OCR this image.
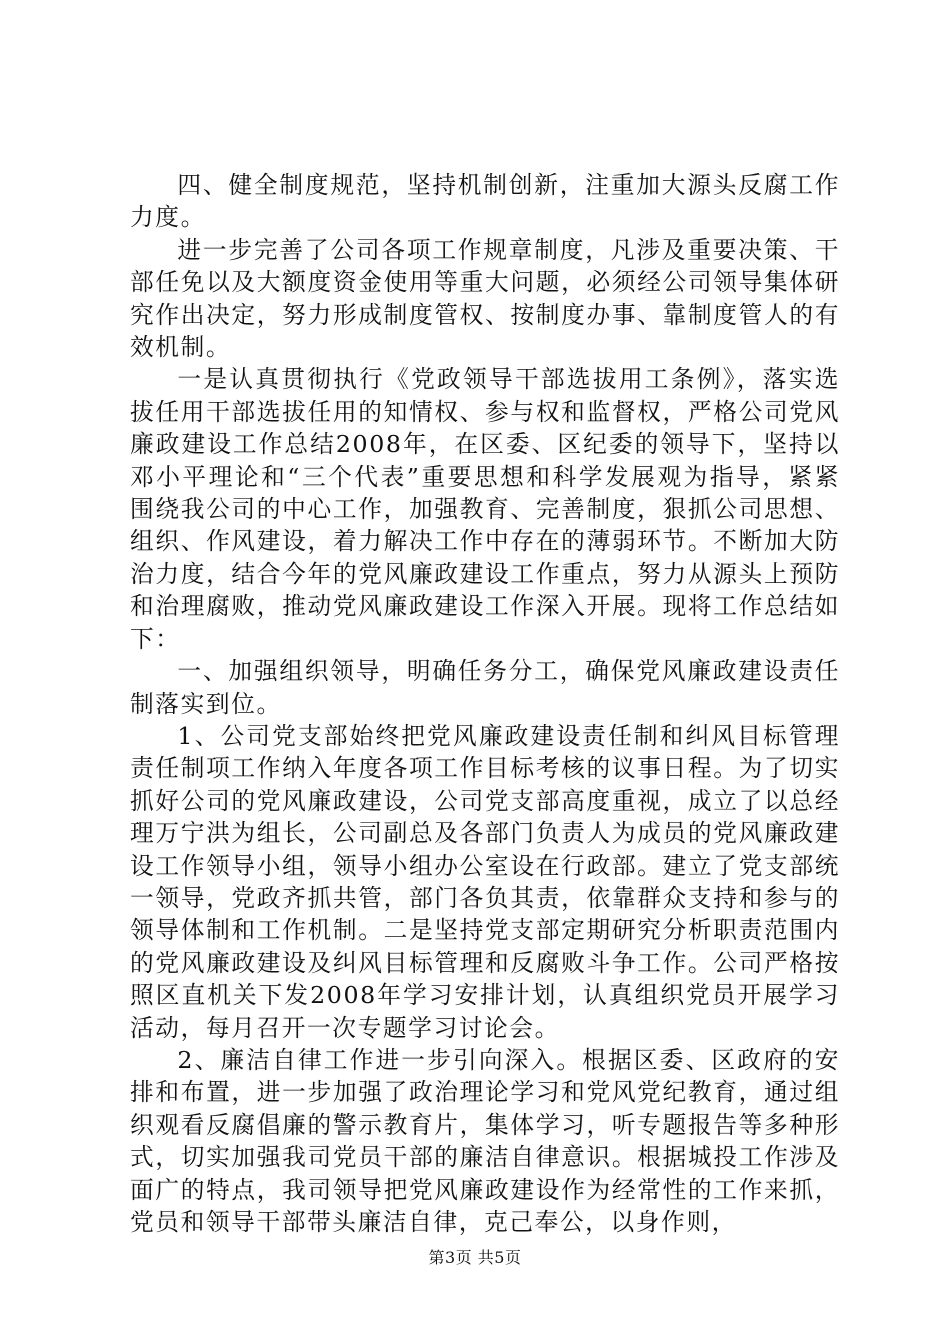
四、健全制度规范，坚持机制创新，注重加大源头反腐工作力度。

进一步完善了公司各项工作规章制度，凡涉及重要决策、干部任免以及大额度资金使用等重大问题，必须经公司领导集体研究作出决定，努力形成制度管权、按制度办事、靠制度管人的有效机制。

一是认真贯彻执行《党政领导干部选拔用工条例》，落实选拔任用干部选拔任用的知情权、参与权和监督权，严格公司党风廉政建设工作总结2008年，在区委、区纪委的领导下，坚持以邓小平理论和“三个代表”重要思想和科学发展观为指导，紧紧围绕我公司的中心工作，加强教育、完善制度，狠抓公司思想、组织、作风建设，着力解决工作中存在的薄弱环节。不断加大防治力度，结合今年的党风廉政建设工作重点，努力从源头上预防和治理腐败，推动党风廉政建设工作深入开展。现将工作总结如下：

一、加强组织领导，明确任务分工，确保党风廉政建设责任制落实到位。

1、公司党支部始终把党风廉政建设责任制和纠风目标管理责任制项工作纳入年度各项工作目标考核的议事日程。为了切实抓好公司的党风廉政建设，公司党支部高度重视，成立了以总经理万宁洪为组长，公司副总及各部门负责人为成员的党风廉政建设工作领导小组，领导小组办公室设在行政部。建立了党支部统一领导，党政齐抓共管，部门各负其责，依靠群众支持和参与的领导体制和工作机制。二是坚持党支部定期研究分析职责范围内的党风廉政建设及纠风目标管理和反腐败斗争工作。公司严格按照区直机关下发2008年学习安排计划，认真组织党员开展学习活动，每月召开一次专题学习讨论会。

2、廉洁自律工作进一步引向深入。根据区委、区政府的安排和布置，进一步加强了政治理论学习和党风党纪教育，通过组织观看反腐倡廉的警示教育片，集体学习，听专题报告等多种形式，切实加强我司党员干部的廉洁自律意识。根据城投工作涉及面广的特点，我司领导把党风廉政建设作为经常性的工作来抓，党员和领导干部带头廉洁自律，克己奉公，以身作则，

第3页 共5页
